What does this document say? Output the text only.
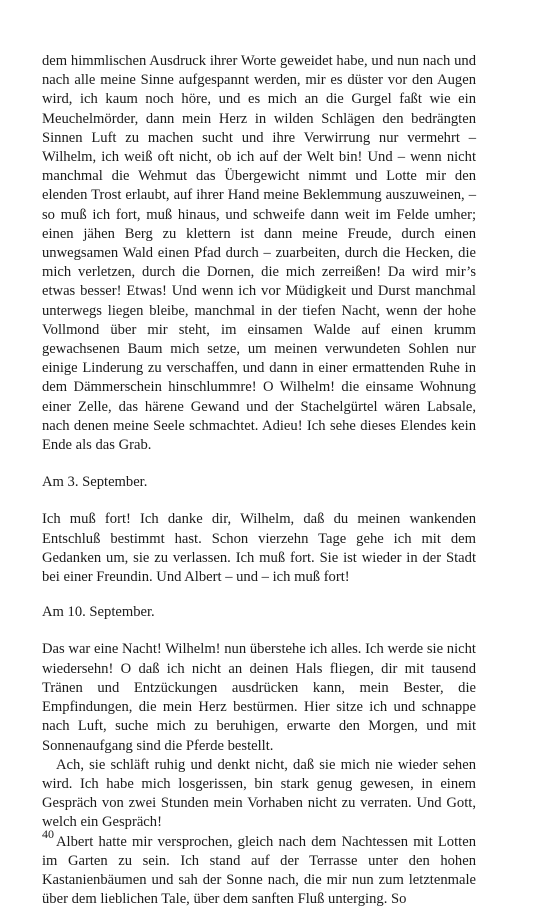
dem himmlischen Ausdruck ihrer Worte geweidet habe, und nun nach und nach alle meine Sinne aufgespannt werden, mir es düster vor den Augen wird, ich kaum noch höre, und es mich an die Gurgel faßt wie ein Meuchelmörder, dann mein Herz in wilden Schlägen den bedrängten Sinnen Luft zu machen sucht und ihre Verwirrung nur vermehrt – Wilhelm, ich weiß oft nicht, ob ich auf der Welt bin! Und – wenn nicht manchmal die Wehmut das Übergewicht nimmt und Lotte mir den elenden Trost erlaubt, auf ihrer Hand meine Beklemmung auszuweinen, – so muß ich fort, muß hinaus, und schweife dann weit im Felde umher; einen jähen Berg zu klettern ist dann meine Freude, durch einen unwegsamen Wald einen Pfad durch – zuarbeiten, durch die Hecken, die mich verletzen, durch die Dornen, die mich zerreißen! Da wird mir’s etwas besser! Etwas! Und wenn ich vor Müdigkeit und Durst manchmal unterwegs liegen bleibe, manchmal in der tiefen Nacht, wenn der hohe Vollmond über mir steht, im einsamen Walde auf einen krumm gewachsenen Baum mich setze, um meinen verwundeten Sohlen nur einige Linderung zu verschaffen, und dann in einer ermattenden Ruhe in dem Dämmerschein hinschlummre! O Wilhelm! die einsame Wohnung einer Zelle, das härene Gewand und der Stachelgürtel wären Labsale, nach denen meine Seele schmachtet. Adieu! Ich sehe dieses Elendes kein Ende als das Grab.

Am 3. September.

Ich muß fort! Ich danke dir, Wilhelm, daß du meinen wankenden Entschluß bestimmt hast. Schon vierzehn Tage gehe ich mit dem Gedanken um, sie zu verlassen. Ich muß fort. Sie ist wieder in der Stadt bei einer Freundin. Und Albert – und – ich muß fort!

Am 10. September.

Das war eine Nacht! Wilhelm! nun überstehe ich alles. Ich werde sie nicht wiedersehn! O daß ich nicht an deinen Hals fliegen, dir mit tausend Tränen und Entzückungen ausdrücken kann, mein Bester, die Empfindungen, die mein Herz bestürmen. Hier sitze ich und schnappe nach Luft, suche mich zu beruhigen, erwarte den Morgen, und mit Sonnenaufgang sind die Pferde bestellt.

Ach, sie schläft ruhig und denkt nicht, daß sie mich nie wieder sehen wird. Ich habe mich losgerissen, bin stark genug gewesen, in einem Gespräch von zwei Stunden mein Vorhaben nicht zu verraten. Und Gott, welch ein Gespräch!

Albert hatte mir versprochen, gleich nach dem Nachtessen mit Lotten im Garten zu sein. Ich stand auf der Terrasse unter den hohen Kastanienbäumen und sah der Sonne nach, die mir nun zum letztenmale über dem lieblichen Tale, über dem sanften Fluß unterging. So

40
